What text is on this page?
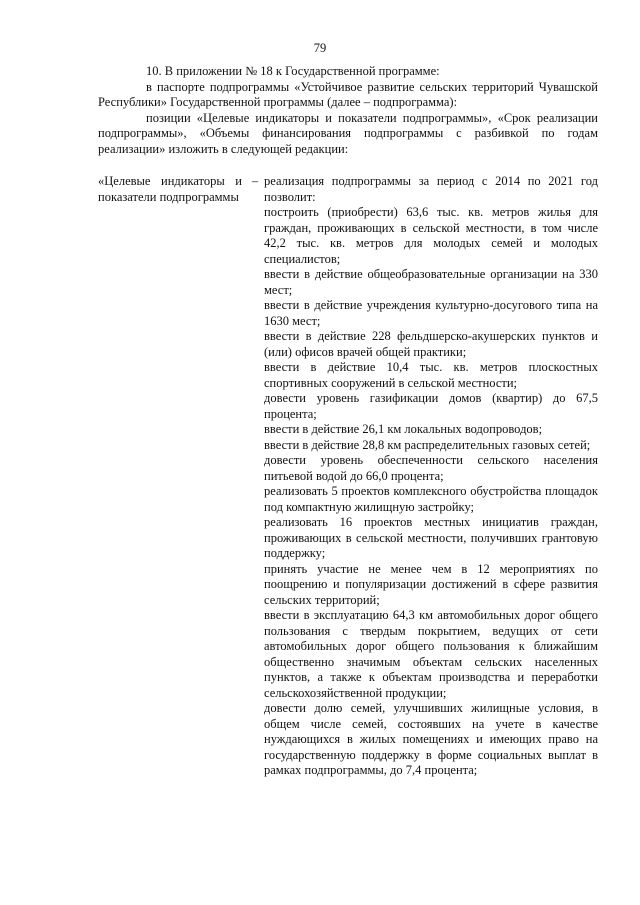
79

10. В приложении № 18 к Государственной программе:

в паспорте подпрограммы «Устойчивое развитие сельских территорий Чувашской Республики» Государственной программы (далее – подпрограмма):

позиции «Целевые индикаторы и показатели подпрограммы», «Срок реализации подпрограммы», «Объемы финансирования подпрограммы с разбивкой по годам реализации» изложить в следующей редакции:

«Целевые индикаторы и показатели подпрограммы
– реализация подпрограммы за период с 2014 по 2021 год позволит:

построить (приобрести) 63,6 тыс. кв. метров жилья для граждан, проживающих в сельской местности, в том числе 42,2 тыс. кв. метров для молодых семей и молодых специалистов;

ввести в действие общеобразовательные организации на 330 мест;

ввести в действие учреждения культурно-досугового типа на 1630 мест;

ввести в действие 228 фельдшерско-акушерских пунктов и (или) офисов врачей общей практики;

ввести в действие 10,4 тыс. кв. метров плоскостных спортивных сооружений в сельской местности;

довести уровень газификации домов (квартир) до 67,5 процента;

ввести в действие 26,1 км локальных водопроводов;

ввести в действие 28,8 км распределительных газовых сетей;

довести уровень обеспеченности сельского населения питьевой водой до 66,0 процента;

реализовать 5 проектов комплексного обустройства площадок под компактную жилищную застройку;

реализовать 16 проектов местных инициатив граждан, проживающих в сельской местности, получивших грантовую поддержку;

принять участие не менее чем в 12 мероприятиях по поощрению и популяризации достижений в сфере развития сельских территорий;

ввести в эксплуатацию 64,3 км автомобильных дорог общего пользования с твердым покрытием, ведущих от сети автомобильных дорог общего пользования к ближайшим общественно значимым объектам сельских населенных пунктов, а также к объектам производства и переработки сельскохозяйственной продукции;

довести долю семей, улучшивших жилищные условия, в общем числе семей, состоявших на учете в качестве нуждающихся в жилых помещениях и имеющих право на государственную поддержку в форме социальных выплат в рамках подпрограммы, до 7,4 процента;
